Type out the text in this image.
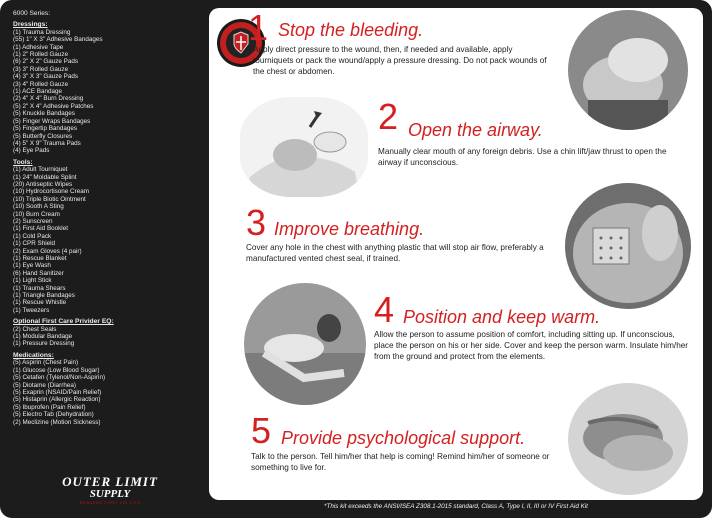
6000 Series:
Dressings:
(1) Trauma Dressing
(55) 1" X 3" Adhesive Bandages
(1) Adhesive Tape
(1) 2" Rolled Gauze
(6) 2" X 2" Gauze Pads
(3) 3" Rolled Gauze
(4) 3" X 3" Gauze Pads
(3) 4" Rolled Gauze
(1) ACE Bandage
(2) 4" X 4" Burn Dressing
(5) 2" X 4" Adhesive Patches
(5) Knuckle Bandages
(5) Finger Wraps Bandages
(5) Fingertip Bandages
(5) Butterfly Closures
(4) 5" X 9" Trauma Pads
(4) Eye Pads
Tools:
(1) Adult Tourniquet
(1) 24" Moldable Splint
(20) Antiseptic Wipes
(10) Hydrocortisone Cream
(10) Triple Biotic Ointment
(10) Sooth A Sting
(10) Burn Cream
(2) Sunscreen
(1) First Aid Booklet
(1) Cold Pack
(1) CPR Shield
(2) Exam Gloves (4 pair)
(1) Rescue Blanket
(1) Eye Wash
(6) Hand Sanitizer
(1) Light Stick
(1) Trauma Shears
(1) Triangle Bandages
(1) Rescue Whistle
(1) Tweezers
Optional First Care Privider EQ:
(2) Chest Seals
(1) Modular Bandage
(1) Pressure Dressing
Medications:
(5) Aspirin (Chest Pain)
(1) Glucose (Low Blood Sugar)
(5) Cetafen (Tylenol/Non-Aspirin)
(5) Diotame (Diarrhea)
(5) Exaprin (NSAID/Pain Relief)
(5) Histaprin (Allergic Reaction)
(5) Ibuprofen (Pain Relief)
(5) Electro Tab (Dehydration)
(2) Meclizine (Motion Sickness)
OUTER LIMIT
SUPPLY
BRANDED FIRST AID KITS
1 Stop the bleeding.
Apply direct pressure to the wound, then, if needed and available, apply tourniquets or pack the wound/apply a pressure dressing. Do not pack wounds of the chest or abdomen.
2 Open the airway.
Manually clear mouth of any foreign debris. Use a chin lift/jaw thrust to open the airway if unconscious.
3 Improve breathing.
Cover any hole in the chest with anything plastic that will stop air flow, preferably a manufactured vented chest seal, if trained.
4 Position and keep warm.
Allow the person to assume position of comfort, including sitting up. If unconscious, place the person on his or her side. Cover and keep the person warm. Insulate him/her from the ground and protect from the elements.
5 Provide psychological support.
Talk to the person. Tell him/her that help is coming! Remind him/her of someone or something to live for.
*This kit exceeds the ANSI/ISEA Z308.1-2015 standard, Class A, Type I, II, III or IV First Aid Kit
